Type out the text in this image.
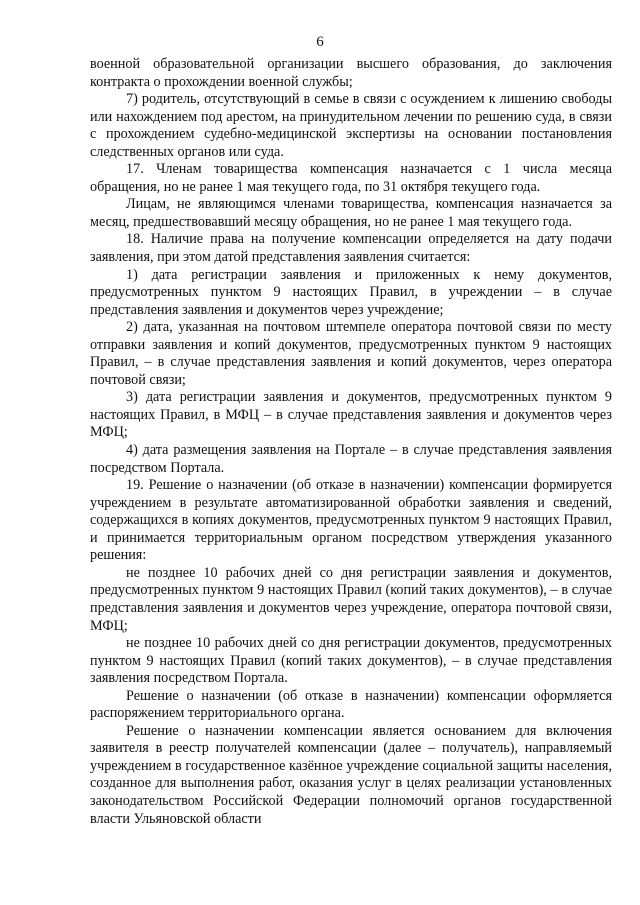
6

военной образовательной организации высшего образования, до заключения контракта о прохождении военной службы;

7) родитель, отсутствующий в семье в связи с осуждением к лишению свободы или нахождением под арестом, на принудительном лечении по решению суда, в связи с прохождением судебно-медицинской экспертизы на основании постановления следственных органов или суда.

17. Членам товарищества компенсация назначается с 1 числа месяца обращения, но не ранее 1 мая текущего года, по 31 октября текущего года.

Лицам, не являющимся членами товарищества, компенсация назначается за месяц, предшествовавший месяцу обращения, но не ранее 1 мая текущего года.

18. Наличие права на получение компенсации определяется на дату подачи заявления, при этом датой представления заявления считается:

1) дата регистрации заявления и приложенных к нему документов, предусмотренных пунктом 9 настоящих Правил, в учреждении – в случае представления заявления и документов через учреждение;

2) дата, указанная на почтовом штемпеле оператора почтовой связи по месту отправки заявления и копий документов, предусмотренных пунктом 9 настоящих Правил, – в случае представления заявления и копий документов, через оператора почтовой связи;

3) дата регистрации заявления и документов, предусмотренных пунктом 9 настоящих Правил, в МФЦ – в случае представления заявления и документов через МФЦ;

4) дата размещения заявления на Портале – в случае представления заявления посредством Портала.

19. Решение о назначении (об отказе в назначении) компенсации формируется учреждением в результате автоматизированной обработки заявления и сведений, содержащихся в копиях документов, предусмотренных пунктом 9 настоящих Правил, и принимается территориальным органом посредством утверждения указанного решения:

не позднее 10 рабочих дней со дня регистрации заявления и документов, предусмотренных пунктом 9 настоящих Правил (копий таких документов), – в случае представления заявления и документов через учреждение, оператора почтовой связи, МФЦ;

не позднее 10 рабочих дней со дня регистрации документов, предусмотренных пунктом 9 настоящих Правил (копий таких документов), – в случае представления заявления посредством Портала.

Решение о назначении (об отказе в назначении) компенсации оформляется распоряжением территориального органа.

Решение о назначении компенсации является основанием для включения заявителя в реестр получателей компенсации (далее – получатель), направляемый учреждением в государственное казённое учреждение социальной защиты населения, созданное для выполнения работ, оказания услуг в целях реализации установленных законодательством Российской Федерации полномочий органов государственной власти Ульяновской области
